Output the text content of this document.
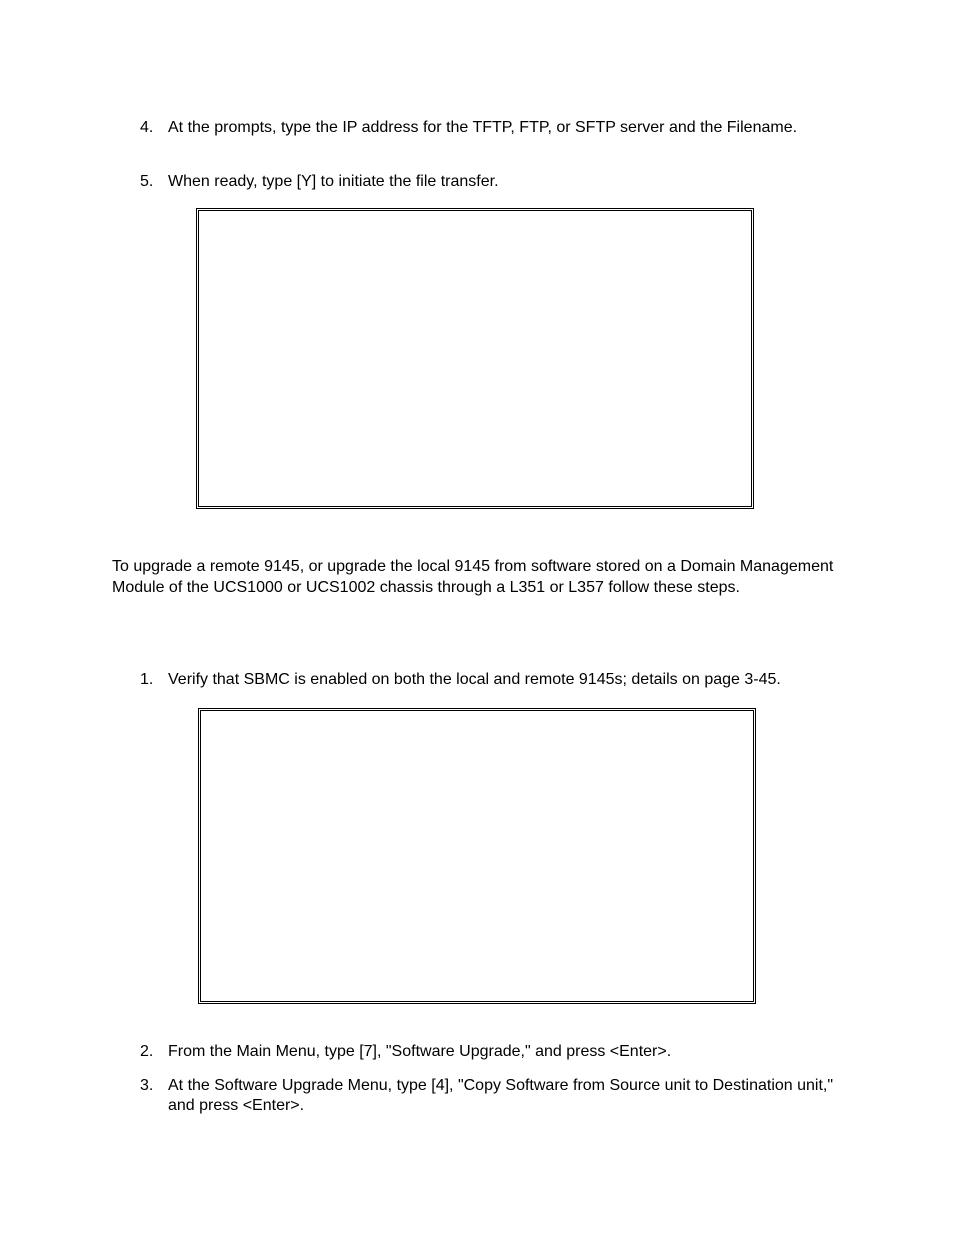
4. At the prompts, type the IP address for the TFTP, FTP, or SFTP server and the Filename.
5. When ready, type [Y] to initiate the file transfer.
To upgrade a remote 9145, or upgrade the local 9145 from software stored on a Domain Management Module of the UCS1000 or UCS1002 chassis through a L351 or L357 follow these steps.
1. Verify that SBMC is enabled on both the local and remote 9145s; details on page 3-45.
2. From the Main Menu, type [7], "Software Upgrade," and press <Enter>.
3. At the Software Upgrade Menu, type [4], "Copy Software from Source unit to Destination unit," and press <Enter>.
